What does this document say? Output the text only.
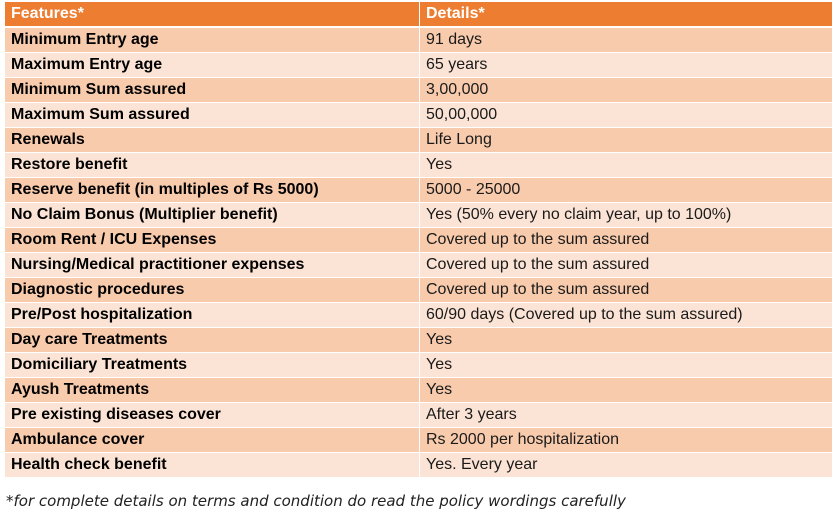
Features*	Details*
Minimum Entry age	91 days
Maximum Entry age	65 years
Minimum Sum assured	3,00,000
Maximum Sum assured	50,00,000
Renewals	Life Long
Restore benefit	Yes
Reserve benefit (in multiples of Rs 5000)	5000 - 25000
No Claim Bonus (Multiplier benefit)	Yes (50% every no claim year, up to 100%)
Room Rent / ICU Expenses	Covered up to the sum assured
Nursing/Medical practitioner expenses	Covered up to the sum assured
Diagnostic procedures	Covered up to the sum assured
Pre/Post hospitalization	60/90 days (Covered up to the sum assured)
Day care Treatments	Yes
Domiciliary Treatments	Yes
Ayush Treatments	Yes
Pre existing diseases cover	After 3 years
Ambulance cover	Rs 2000 per hospitalization
Health check benefit	Yes. Every year
*for complete details on terms and condition do read the policy wordings carefully
